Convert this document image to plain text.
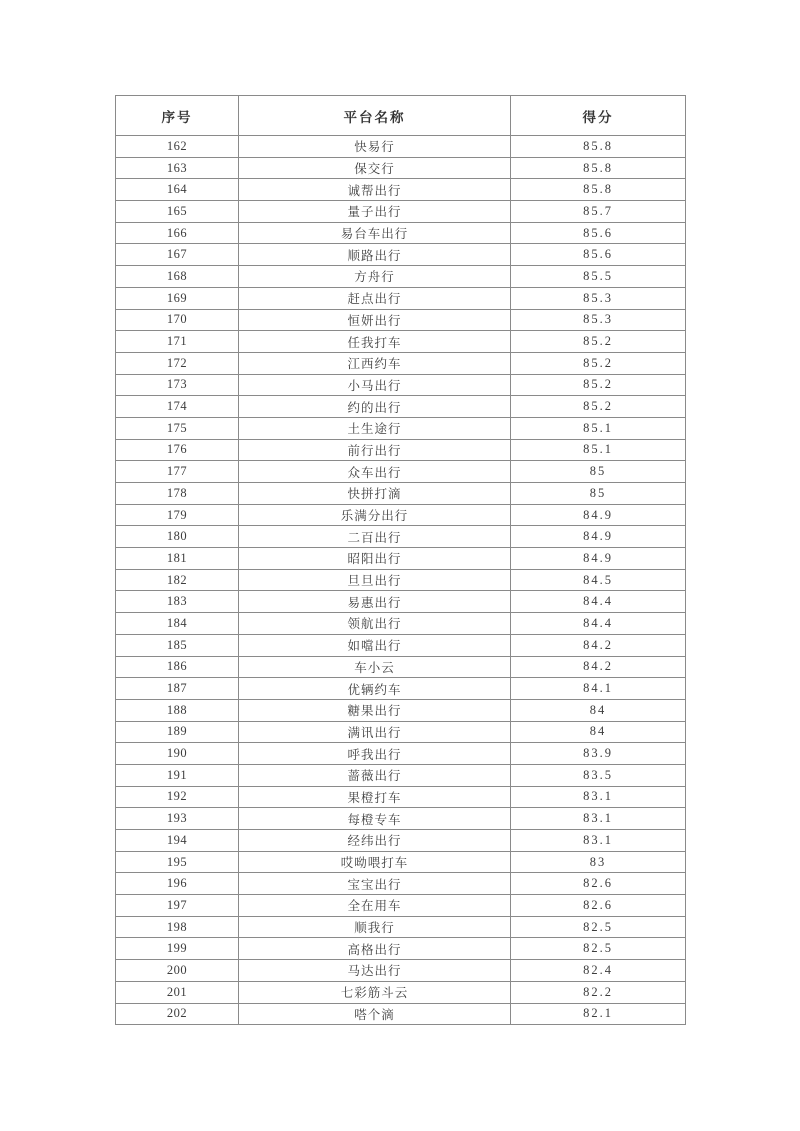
序号	平台名称	得分
162	快易行	85.8
163	保交行	85.8
164	诚帮出行	85.8
165	量子出行	85.7
166	易台车出行	85.6
167	顺路出行	85.6
168	方舟行	85.5
169	赶点出行	85.3
170	恒妍出行	85.3
171	任我打车	85.2
172	江西约车	85.2
173	小马出行	85.2
174	约的出行	85.2
175	土生途行	85.1
176	前行出行	85.1
177	众车出行	85
178	快拼打滴	85
179	乐满分出行	84.9
180	二百出行	84.9
181	昭阳出行	84.9
182	旦旦出行	84.5
183	易惠出行	84.4
184	领航出行	84.4
185	如噹出行	84.2
186	车小云	84.2
187	优辆约车	84.1
188	糖果出行	84
189	满讯出行	84
190	呼我出行	83.9
191	蔷薇出行	83.5
192	果橙打车	83.1
193	每橙专车	83.1
194	经纬出行	83.1
195	哎呦喂打车	83
196	宝宝出行	82.6
197	全在用车	82.6
198	顺我行	82.5
199	高格出行	82.5
200	马达出行	82.4
201	七彩筋斗云	82.2
202	嗒个滴	82.1
